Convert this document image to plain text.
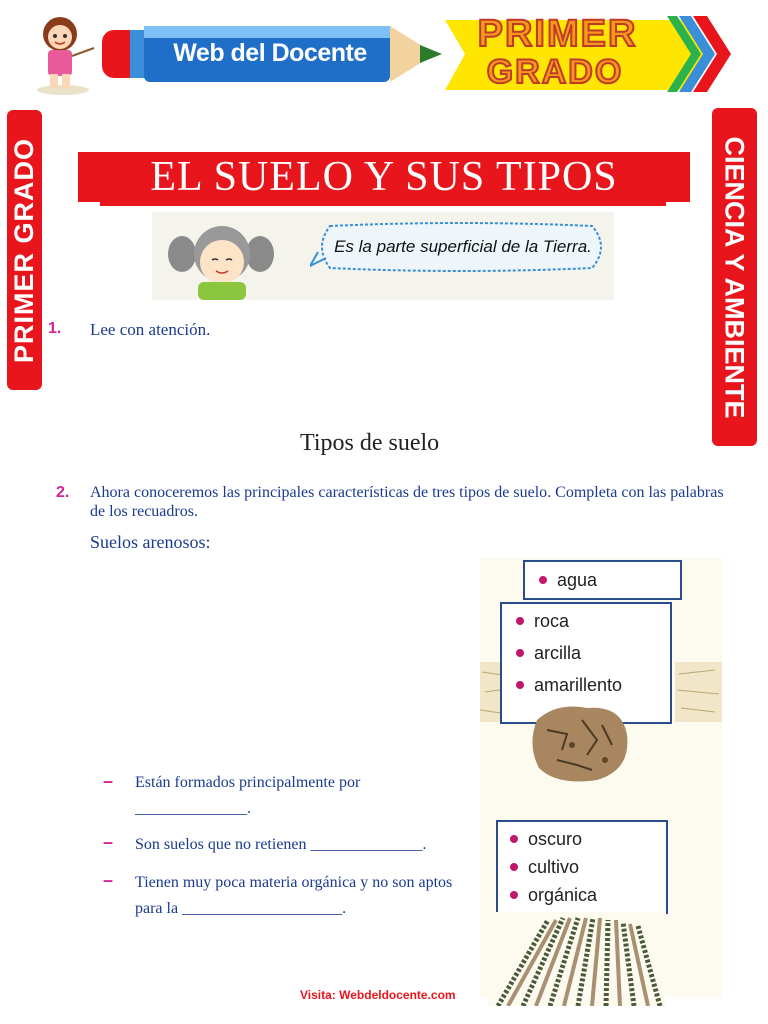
Web del Docente	PRIMER
GRADO
PRIMER GRADO	CIENCIA Y AMBIENTE
EL SUELO Y SUS TIPOS
Es la parte superficial de la Tierra.
1. Lee con atención.
Tipos de suelo
2. Ahora conoceremos las principales características de tres tipos de suelo. Completa con las palabras de los recuadros.
Suelos arenosos:
– Están formados principalmente por ______________.
– Son suelos que no retienen ______________.
– Tienen muy poca materia orgánica y no son aptos para la ____________________.
agua
roca
arcilla
amarillento
oscuro
cultivo
orgánica
Visita: Webdeldocente.com
